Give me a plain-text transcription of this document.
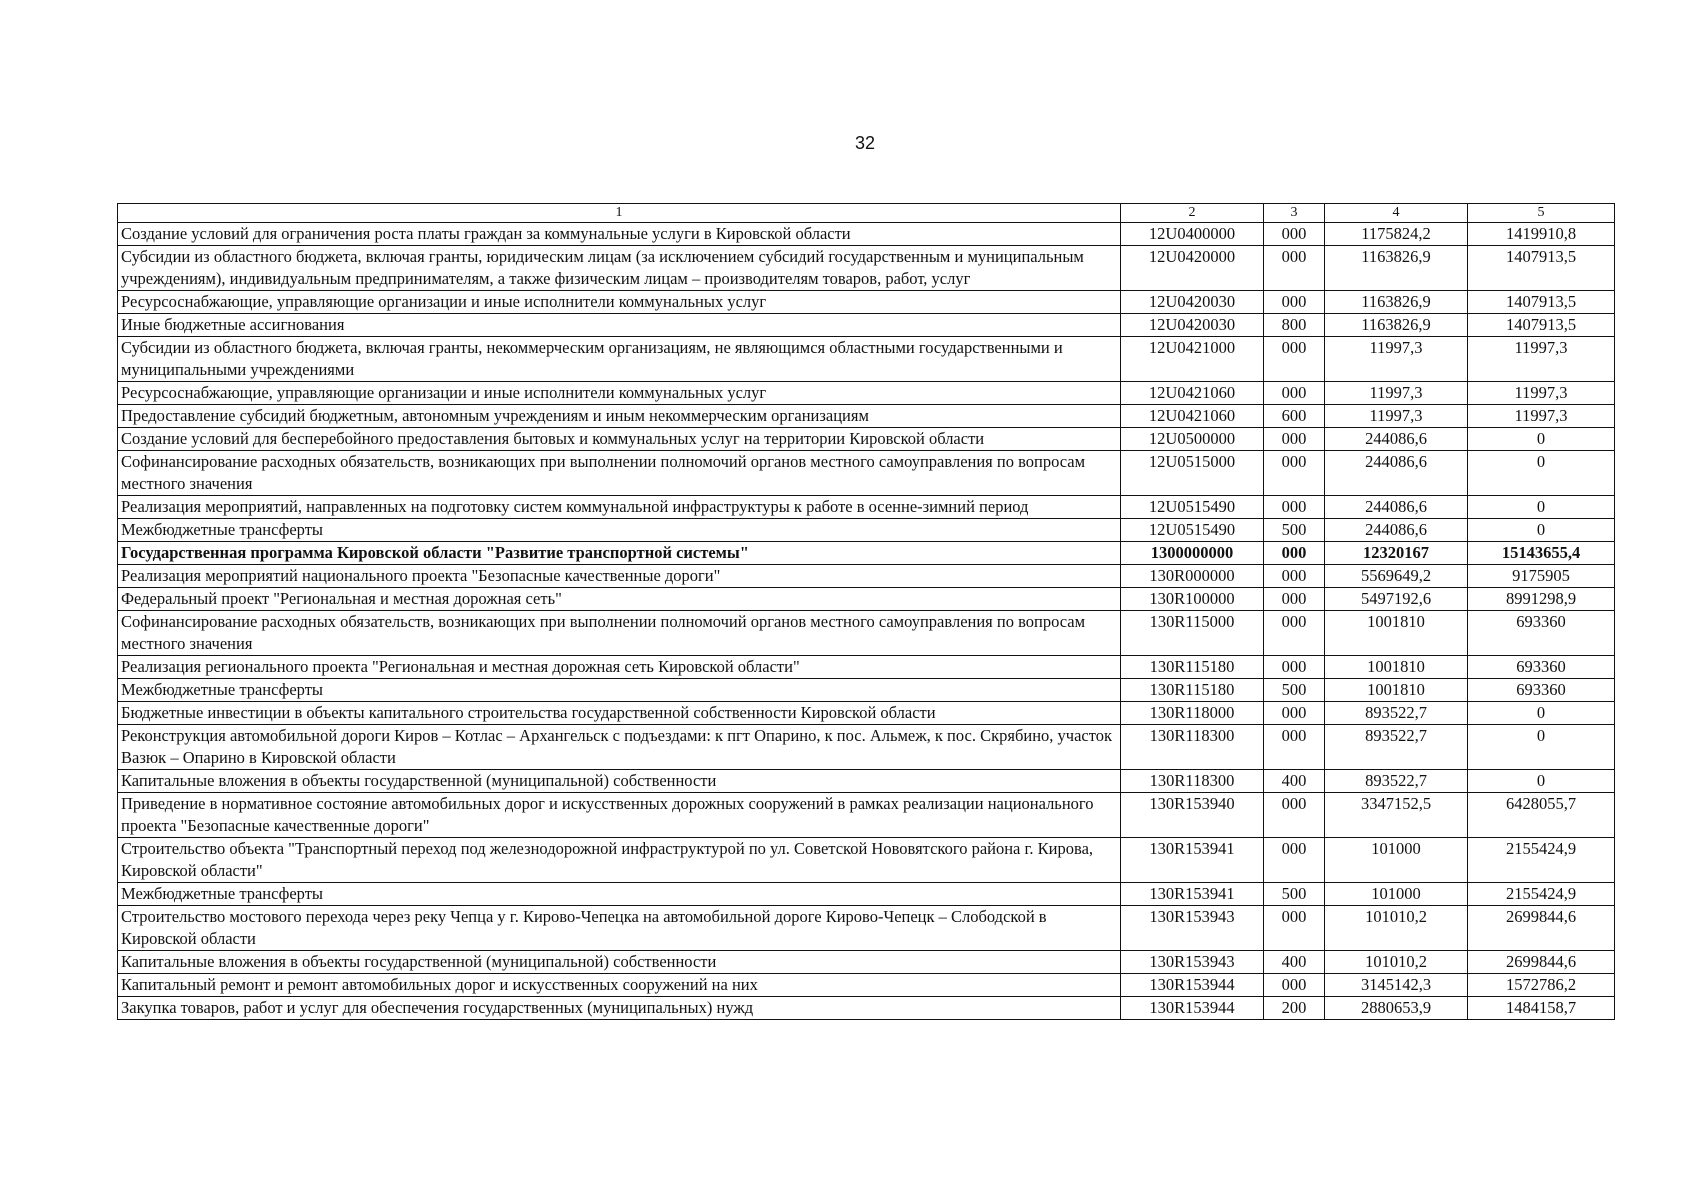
32
1	2	3	4	5
Создание условий для ограничения роста платы граждан за коммунальные услуги в Кировской области	12U0400000	000	1175824,2	1419910,8
Субсидии из областного бюджета, включая гранты, юридическим лицам (за исключением субсидий государственным и муниципальным учреждениям), индивидуальным предпринимателям, а также физическим лицам – производителям товаров, работ, услуг	12U0420000	000	1163826,9	1407913,5
Ресурсоснабжающие, управляющие организации и иные исполнители коммунальных услуг	12U0420030	000	1163826,9	1407913,5
Иные бюджетные ассигнования	12U0420030	800	1163826,9	1407913,5
Субсидии из областного бюджета, включая гранты, некоммерческим организациям, не являющимся областными государственными и муниципальными учреждениями	12U0421000	000	11997,3	11997,3
Ресурсоснабжающие, управляющие организации и иные исполнители коммунальных услуг	12U0421060	000	11997,3	11997,3
Предоставление субсидий бюджетным, автономным учреждениям и иным некоммерческим организациям	12U0421060	600	11997,3	11997,3
Создание условий для бесперебойного предоставления бытовых и коммунальных услуг на территории Кировской области	12U0500000	000	244086,6	0
Софинансирование расходных обязательств, возникающих при выполнении полномочий органов местного самоуправления по вопросам местного значения	12U0515000	000	244086,6	0
Реализация мероприятий, направленных на подготовку систем коммунальной инфраструктуры к работе в осенне-зимний период	12U0515490	000	244086,6	0
Межбюджетные трансферты	12U0515490	500	244086,6	0
Государственная программа Кировской области "Развитие транспортной системы"	1300000000	000	12320167	15143655,4
Реализация мероприятий национального проекта "Безопасные качественные дороги"	130R000000	000	5569649,2	9175905
Федеральный проект "Региональная и местная дорожная сеть"	130R100000	000	5497192,6	8991298,9
Софинансирование расходных обязательств, возникающих при выполнении полномочий органов местного самоуправления по вопросам местного значения	130R115000	000	1001810	693360
Реализация регионального проекта "Региональная и местная дорожная сеть Кировской области"	130R115180	000	1001810	693360
Межбюджетные трансферты	130R115180	500	1001810	693360
Бюджетные инвестиции в объекты капитального строительства государственной собственности Кировской области	130R118000	000	893522,7	0
Реконструкция автомобильной дороги Киров – Котлас – Архангельск с подъездами: к пгт Опарино, к пос. Альмеж, к пос. Скрябино, участок Вазюк – Опарино в Кировской области	130R118300	000	893522,7	0
Капитальные вложения в объекты государственной (муниципальной) собственности	130R118300	400	893522,7	0
Приведение в нормативное состояние автомобильных дорог и искусственных дорожных сооружений в рамках реализации национального проекта "Безопасные качественные дороги"	130R153940	000	3347152,5	6428055,7
Строительство объекта "Транспортный переход под железнодорожной инфраструктурой по ул. Советской Нововятского района г. Кирова, Кировской области"	130R153941	000	101000	2155424,9
Межбюджетные трансферты	130R153941	500	101000	2155424,9
Строительство мостового перехода через реку Чепца у г. Кирово-Чепецка на автомобильной дороге Кирово-Чепецк – Слободской в Кировской области	130R153943	000	101010,2	2699844,6
Капитальные вложения в объекты государственной (муниципальной) собственности	130R153943	400	101010,2	2699844,6
Капитальный ремонт и ремонт автомобильных дорог и искусственных сооружений на них	130R153944	000	3145142,3	1572786,2
Закупка товаров, работ и услуг для обеспечения государственных (муниципальных) нужд	130R153944	200	2880653,9	1484158,7
